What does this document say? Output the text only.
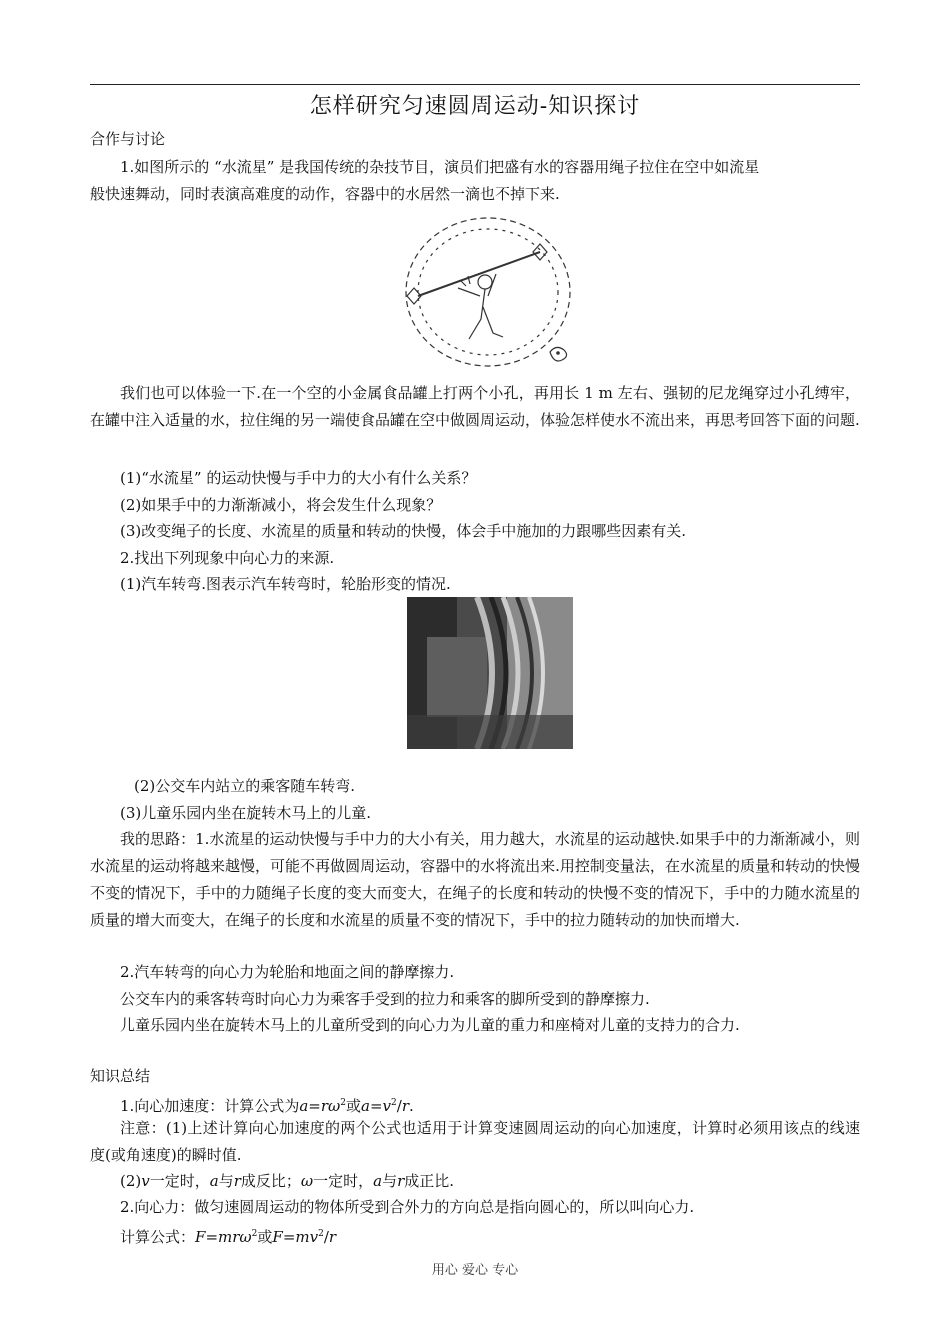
怎样研究匀速圆周运动-知识探讨
合作与讨论
1.如图所示的 “水流星” 是我国传统的杂技节目，演员们把盛有水的容器用绳子拉住在空中如流星
般快速舞动，同时表演高难度的动作，容器中的水居然一滴也不掉下来.
我们也可以体验一下.在一个空的小金属食品罐上打两个小孔，再用长 1 m 左右、强韧的尼龙绳穿过小孔缚牢，在罐中注入适量的水，拉住绳的另一端使食品罐在空中做圆周运动，体验怎样使水不流出来，再思考回答下面的问题.
(1)“水流星” 的运动快慢与手中力的大小有什么关系？
(2)如果手中的力渐渐减小，将会发生什么现象？
(3)改变绳子的长度、水流星的质量和转动的快慢，体会手中施加的力跟哪些因素有关.
2.找出下列现象中向心力的来源.
(1)汽车转弯.图表示汽车转弯时，轮胎形变的情况.
(2)公交车内站立的乘客随车转弯.
(3)儿童乐园内坐在旋转木马上的儿童.
我的思路：1.水流星的运动快慢与手中力的大小有关，用力越大，水流星的运动越快.如果手中的力渐渐减小，则水流星的运动将越来越慢，可能不再做圆周运动，容器中的水将流出来.用控制变量法，在水流星的质量和转动的快慢不变的情况下，手中的力随绳子长度的变大而变大，在绳子的长度和转动的快慢不变的情况下，手中的力随水流星的质量的增大而变大，在绳子的长度和水流星的质量不变的情况下，手中的拉力随转动的加快而增大.
2.汽车转弯的向心力为轮胎和地面之间的静摩擦力.
公交车内的乘客转弯时向心力为乘客手受到的拉力和乘客的脚所受到的静摩擦力.
儿童乐园内坐在旋转木马上的儿童所受到的向心力为儿童的重力和座椅对儿童的支持力的合力.
知识总结
1.向心加速度：计算公式为$a=r\omega^2$或$a=v^2/r$.
注意：(1)上述计算向心加速度的两个公式也适用于计算变速圆周运动的向心加速度，计算时必须用该点的线速度(或角速度)的瞬时值.
(2)v一定时，a与r成反比；ω一定时，a与r成正比.
2.向心力：做匀速圆周运动的物体所受到合外力的方向总是指向圆心的，所以叫向心力.
计算公式：F=mrω$^2$或$F=mv^2/r$
用心 爱心 专心
